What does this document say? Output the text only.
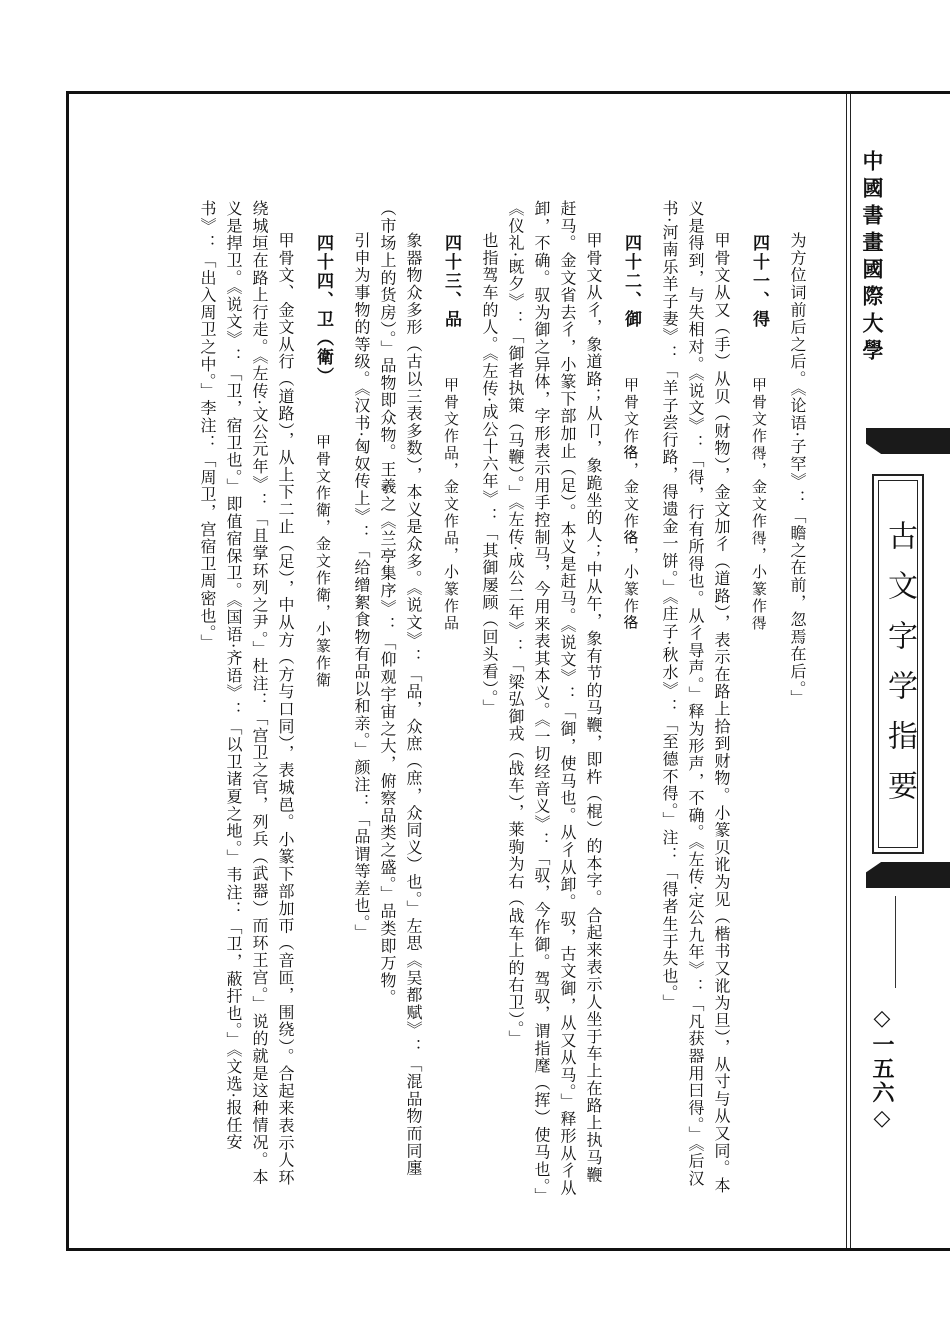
中國書畫國際大學
古文字学指要
◇一五六◇

为方位词前后之后。《论语·子罕》：「瞻之在前，忽焉在后。」

四十一、得 甲骨文作𢔶，金文作𢔶，小篆作𢔶

甲骨文从又（手）从贝（财物），金文加彳（道路），表示在路上拾到财物。小篆贝讹为见（楷书又讹为旦），从寸与从又同。本义是得到，与失相对。《说文》：「得，行有所得也。从彳㝵声。」释为形声，不确。《左传·定公九年》：「凡获器用曰得。」《后汉书·河南乐羊子妻》：「羊子尝行路，得遗金一饼。」《庄子·秋水》：「至德不得。」注：「得者生于失也。」

四十二、御 甲骨文作𢓜，金文作𢓜，小篆作𢓜

甲骨文从彳，象道路；从卩，象跪坐的人；中从午，象有节的马鞭，即杵（棍）的本字。合起来表示人坐于车上在路上执马鞭赶马。金文省去彳，小篆下部加止（足）。本义是赶马。《说文》：「御，使马也。从彳从卸。驭，古文御，从又从马。」释形从彳从卸，不确。驭为御之异体，字形表示用手控制马，今用来表其本义。《一切经音义》：「驭，今作御。驾驭，谓指麾（挥）使马也。」《仪礼·既夕》：「御者执策（马鞭）。」《左传·成公二年》：「梁弘御戎（战车），莱驹为右（战车上的右卫）。」

也指驾车的人。《左传·成公十六年》：「其御屡顾（回头看）。」

四十三、品 甲骨文作品，金文作品，小篆作品

象器物众多形（古以三表多数），本义是众多。《说文》：「品，众庶（庶，众同义）也。」左思《吴都赋》：「混品物而同廛（市场上的货房）。」品物即众物。王羲之《兰亭集序》：「仰观宇宙之大，俯察品类之盛。」品类即万物。

引申为事物的等级。《汉书·匈奴传上》：「给缯絮食物有品以和亲。」颜注：「品谓等差也。」

四十四、卫（衛） 甲骨文作衛，金文作衛，小篆作衛

甲骨文、金文从行（道路），从上下二止（足），中从方（方与口同），表城邑。小篆下部加帀（音匝，围绕）。合起来表示人环绕城垣在路上行走。《左传·文公元年》：「且掌环列之尹。」杜注：「宫卫之官，列兵（武器）而环王宫。」说的就是这种情况。本义是捍卫。《说文》：「卫，宿卫也。」即值宿保卫。《国语·齐语》：「以卫诸夏之地。」韦注：「卫，蔽扞也。」《文选·报任安书》：「出入周卫之中。」李注：「周卫，宫宿卫周密也。」
